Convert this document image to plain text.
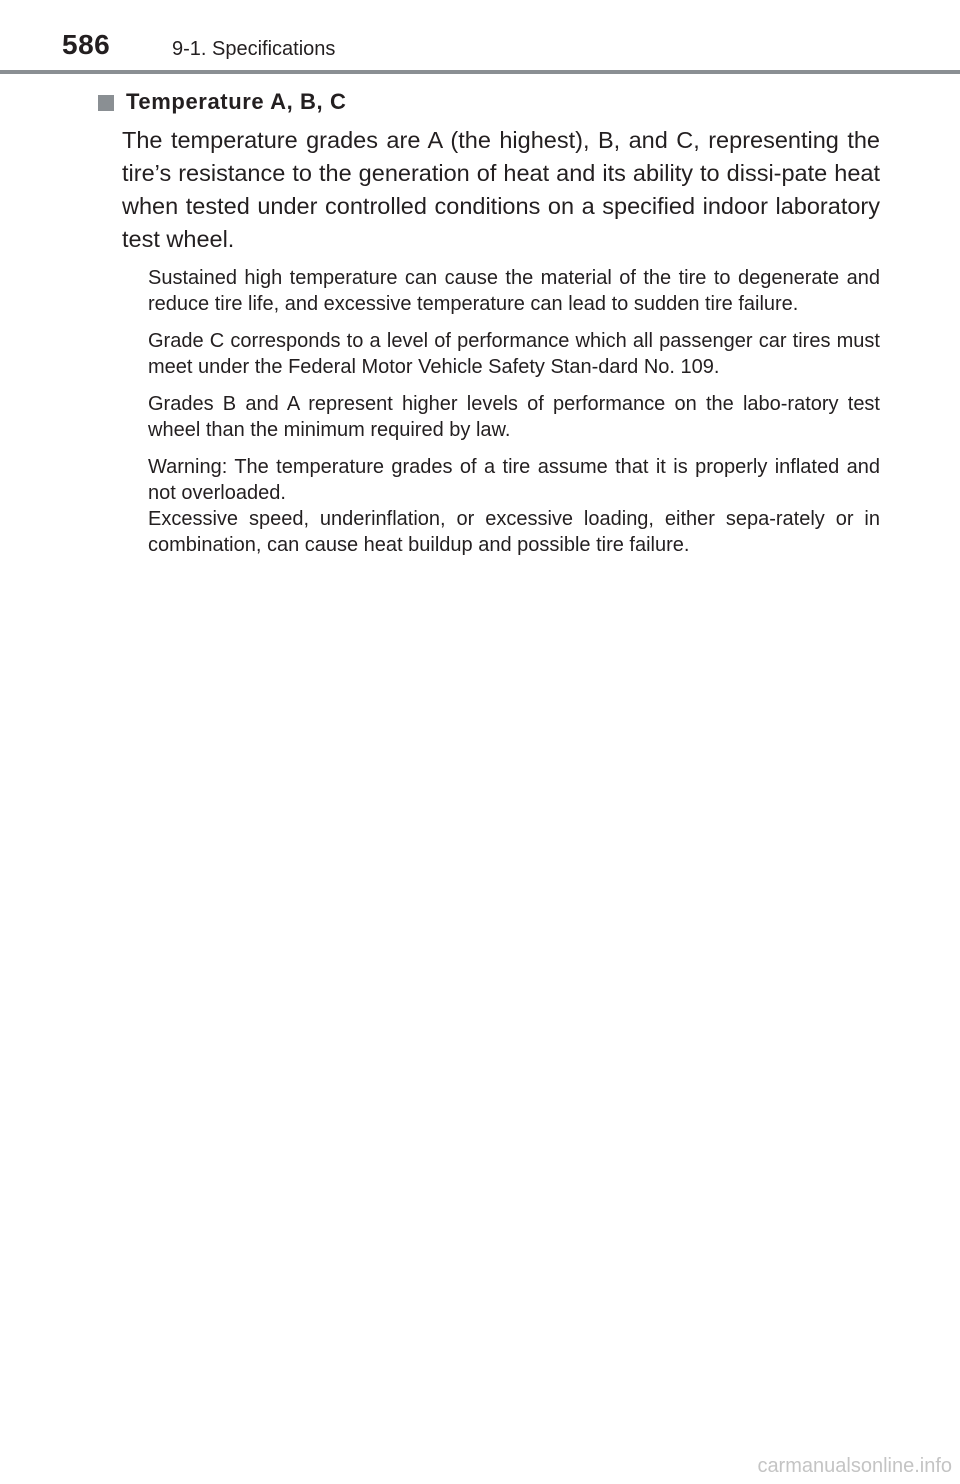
586	9-1. Specifications
Temperature A, B, C

The temperature grades are A (the highest), B, and C, representing the tire’s resistance to the generation of heat and its ability to dissi-pate heat when tested under controlled conditions on a specified indoor laboratory test wheel.

Sustained high temperature can cause the material of the tire to degenerate and reduce tire life, and excessive temperature can lead to sudden tire failure.

Grade C corresponds to a level of performance which all passenger car tires must meet under the Federal Motor Vehicle Safety Stan-dard No. 109.

Grades B and A represent higher levels of performance on the labo-ratory test wheel than the minimum required by law.

Warning: The temperature grades of a tire assume that it is properly inflated and not overloaded.
Excessive speed, underinflation, or excessive loading, either sepa-rately or in combination, can cause heat buildup and possible tire failure.

carmanualsonline.info
